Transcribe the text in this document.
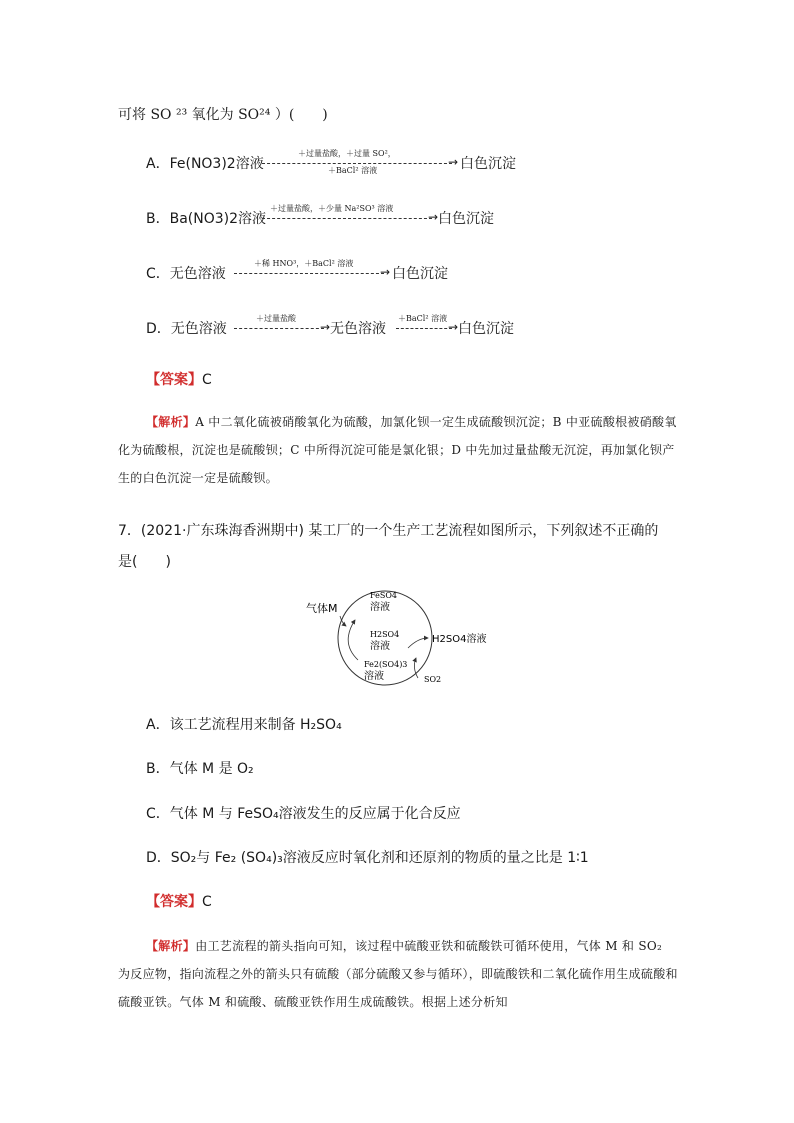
可将 SO ²³ 氧化为 SO²⁴ ）(　　)
A．Fe(NO3)2溶液
＋过量盐酸，＋过量 SO²，
→
＋BaCl² 溶液	白色沉淀
B．Ba(NO3)2溶液
＋过量盐酸，＋少量 Na²SO³ 溶液
→ 白色沉淀
C．无色溶液
＋稀 HNO³，＋BaCl² 溶液
→ 白色沉淀
D．无色溶液
＋过量盐酸
→ 无色溶液
＋BaCl² 溶液
→ 白色沉淀
【答案】C
【解析】A 中二氧化硫被硝酸氧化为硫酸，加氯化钡一定生成硫酸钡沉淀；B 中亚硫酸根被硝酸氧化为硫酸根，沉淀也是硫酸钡；C 中所得沉淀可能是氯化银；D 中先加过量盐酸无沉淀，再加氯化钡产生的白色沉淀一定是硫酸钡。
7．(2021·广东珠海香洲期中) 某工厂的一个生产工艺流程如图所示，下列叙述不正确的
是(　　)
气体M
FeSO4
溶液
H2SO4
溶液
Fe2(SO4)3
溶液
H2SO4溶液
SO2
A．该工艺流程用来制备 H₂SO₄
B．气体 M 是 O₂
C．气体 M 与 FeSO₄溶液发生的反应属于化合反应
D．SO₂与 Fe₂ (SO₄)₃溶液反应时氧化剂和还原剂的物质的量之比是 1∶1
【答案】C
【解析】由工艺流程的箭头指向可知，该过程中硫酸亚铁和硫酸铁可循环使用，气体 M 和 SO₂ 为反应物，指向流程之外的箭头只有硫酸（部分硫酸又参与循环），即硫酸铁和二氧化硫作用生成硫酸和硫酸亚铁。气体 M 和硫酸、硫酸亚铁作用生成硫酸铁。根据上述分析知
